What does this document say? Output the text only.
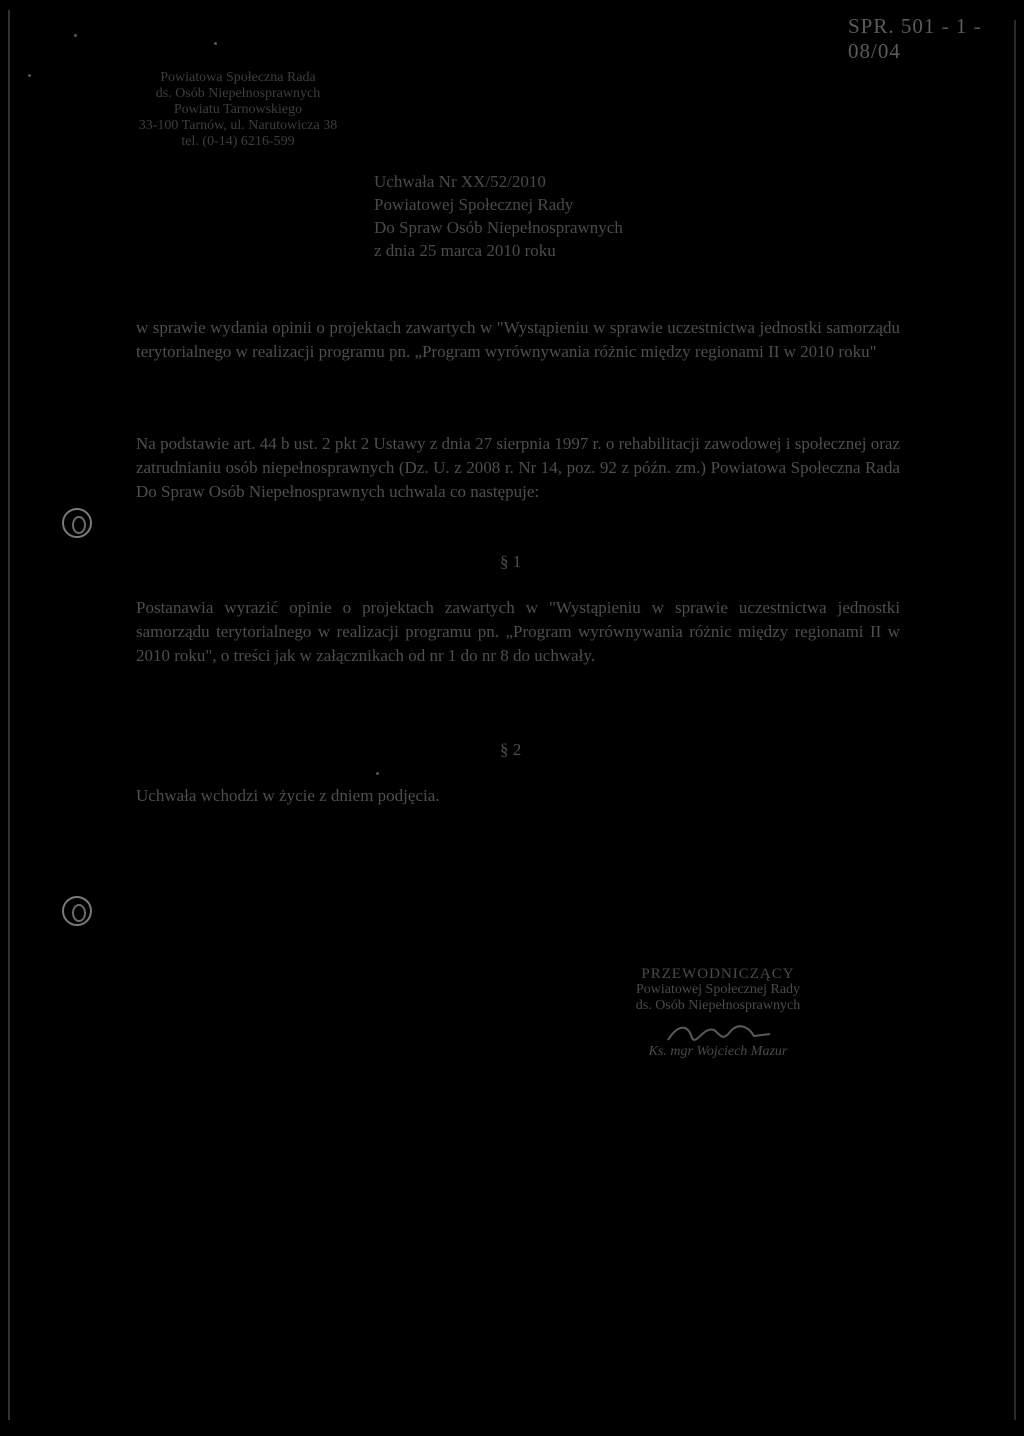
SPR. 501 - 1 - 08/04
Powiatowa Społeczna Rada
ds. Osób Niepełnosprawnych
Powiatu Tarnowskiego
33-100 Tarnów, ul. Narutowicza 38
tel. (0-14) 6216-599
Uchwała Nr XX/52/2010
Powiatowej Społecznej Rady
Do Spraw Osób Niepełnosprawnych
z dnia 25 marca 2010 roku
w sprawie wydania opinii o projektach zawartych w "Wystąpieniu w sprawie uczestnictwa jednostki samorządu terytorialnego w realizacji programu pn. „Program wyrównywania różnic między regionami II w 2010 roku"
Na podstawie art. 44 b ust. 2 pkt 2 Ustawy z dnia 27 sierpnia 1997 r. o rehabilitacji zawodowej i społecznej oraz zatrudnianiu osób niepełnosprawnych (Dz. U. z 2008 r. Nr 14, poz. 92 z późn. zm.) Powiatowa Społeczna Rada Do Spraw Osób Niepełnosprawnych uchwala co następuje:
§ 1
Postanawia wyrazić opinie o projektach zawartych w "Wystąpieniu w sprawie uczestnictwa jednostki samorządu terytorialnego w realizacji programu pn. „Program wyrównywania różnic między regionami II w 2010 roku", o treści jak w załącznikach od nr 1 do nr 8 do uchwały.
§ 2
Uchwała wchodzi w życie z dniem podjęcia.
PRZEWODNICZĄCY
Powiatowej Społecznej Rady
ds. Osób Niepełnosprawnych
Ks. mgr Wojciech Mazur
